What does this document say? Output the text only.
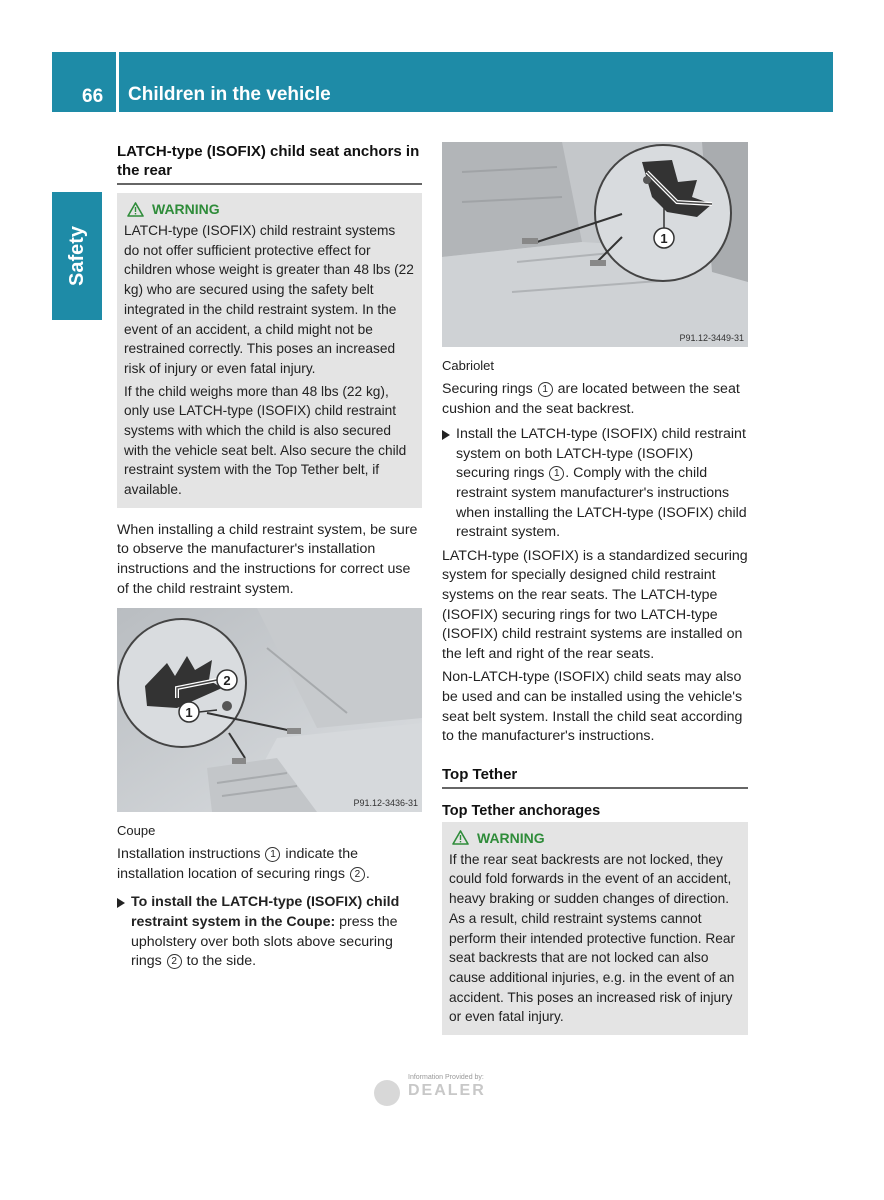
66 Children in the vehicle
Safety
LATCH-type (ISOFIX) child seat anchors in the rear
WARNING

LATCH-type (ISOFIX) child restraint systems do not offer sufficient protective effect for children whose weight is greater than 48 lbs (22 kg) who are secured using the safety belt integrated in the child restraint system. In the event of an accident, a child might not be restrained correctly. This poses an increased risk of injury or even fatal injury.

If the child weighs more than 48 lbs (22 kg), only use LATCH-type (ISOFIX) child restraint systems with which the child is also secured with the vehicle seat belt. Also secure the child restraint system with the Top Tether belt, if available.

When installing a child restraint system, be sure to observe the manufacturer's installation instructions and the instructions for correct use of the child restraint system.

2
1
P91.12-3436-31
Coupe

Installation instructions 1 indicate the installation location of securing rings 2 .

To install the LATCH-type (ISOFIX) child restraint system in the Coupe: press the upholstery over both slots above securing rings 2 to the side.

1
P91.12-3449-31
Cabriolet

Securing rings 1 are located between the seat cushion and the seat backrest.

Install the LATCH-type (ISOFIX) child restraint system on both LATCH-type (ISOFIX) securing rings 1 . Comply with the child restraint system manufacturer's instructions when installing the LATCH-type (ISOFIX) child restraint system.

LATCH-type (ISOFIX) is a standardized securing system for specially designed child restraint systems on the rear seats. The LATCH-type (ISOFIX) securing rings for two LATCH-type (ISOFIX) child restraint systems are installed on the left and right of the rear seats.

Non-LATCH-type (ISOFIX) child seats may also be used and can be installed using the vehicle's seat belt system. Install the child seat according to the manufacturer's instructions.

Top Tether
Top Tether anchorages
WARNING

If the rear seat backrests are not locked, they could fold forwards in the event of an accident, heavy braking or sudden changes of direction. As a result, child restraint systems cannot perform their intended protective function. Rear seat backrests that are not locked can also cause additional injuries, e.g. in the event of an accident. This poses an increased risk of injury or even fatal injury.

Information Provided by:
DEALER
